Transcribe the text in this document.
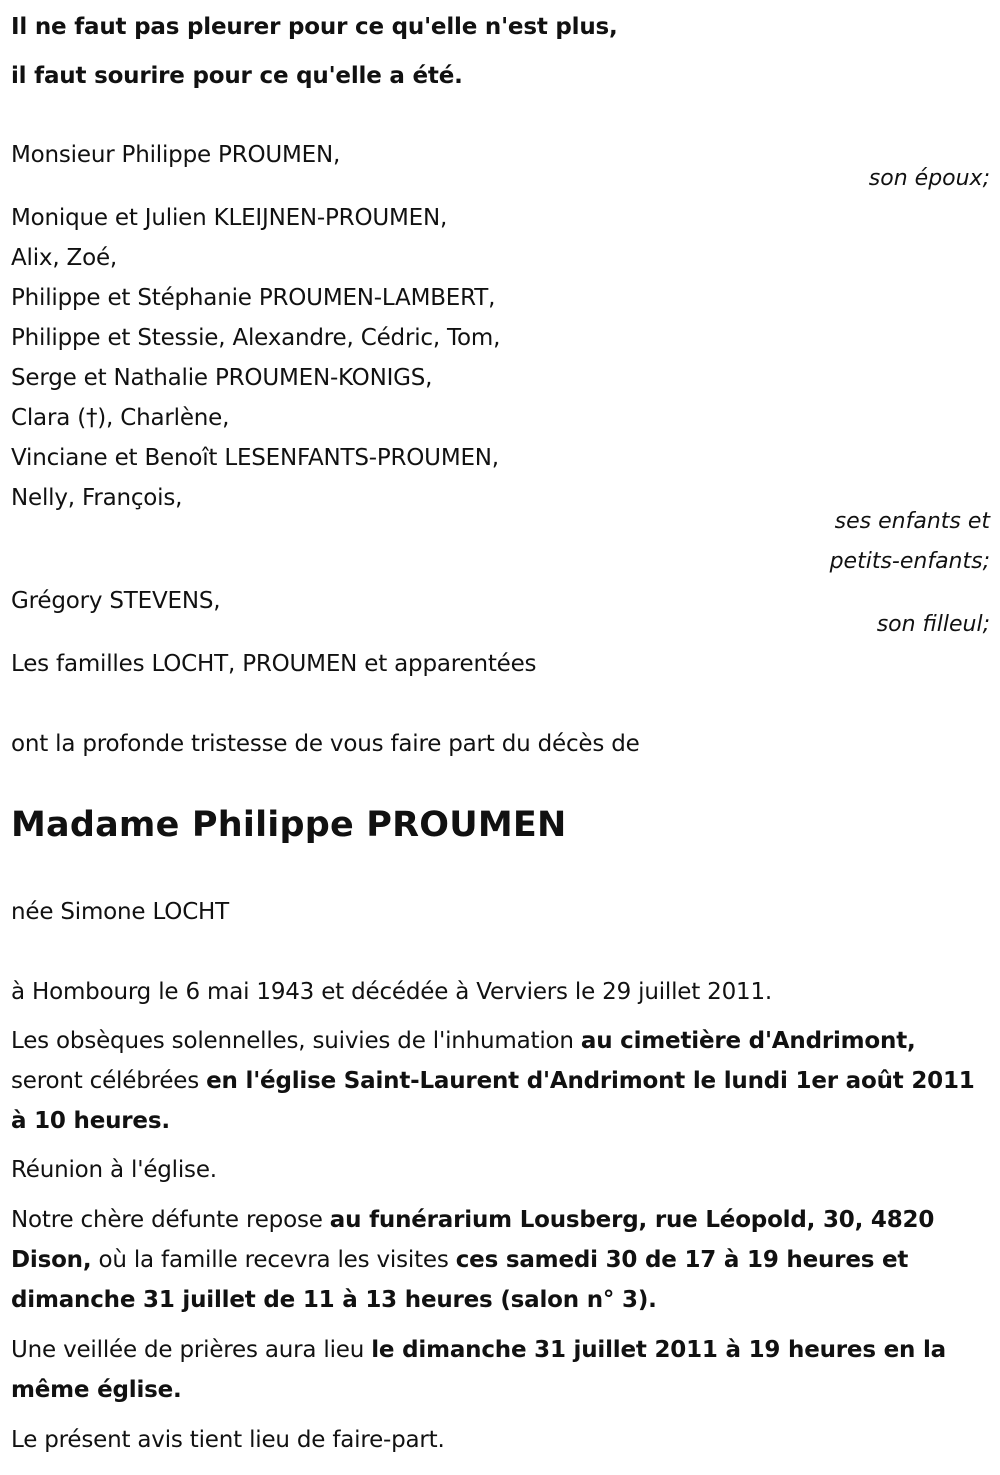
Il ne faut pas pleurer pour ce qu'elle n'est plus,
il faut sourire pour ce qu'elle a été.
Monsieur Philippe PROUMEN,
son époux;
Monique et Julien KLEIJNEN-PROUMEN,
Alix, Zoé,
Philippe et Stéphanie PROUMEN-LAMBERT,
Philippe et Stessie, Alexandre, Cédric, Tom,
Serge et Nathalie PROUMEN-KONIGS,
Clara (†), Charlène,
Vinciane et Benoît LESENFANTS-PROUMEN,
Nelly, François,
ses enfants et
petits-enfants;
Grégory STEVENS,
son filleul;
Les familles LOCHT, PROUMEN et apparentées
ont la profonde tristesse de vous faire part du décès de
Madame Philippe PROUMEN
née Simone LOCHT
à Hombourg le 6 mai 1943 et décédée à Verviers le 29 juillet 2011.
Les obsèques solennelles, suivies de l'inhumation au cimetière d'Andrimont, seront célébrées en l'église Saint-Laurent d'Andrimont le lundi 1er août 2011 à 10 heures.
Réunion à l'église.
Notre chère défunte repose au funérarium Lousberg, rue Léopold, 30, 4820 Dison, où la famille recevra les visites ces samedi 30 de 17 à 19 heures et dimanche 31 juillet de 11 à 13 heures (salon n° 3).
Une veillée de prières aura lieu le dimanche 31 juillet 2011 à 19 heures en la même église.
Le présent avis tient lieu de faire-part.
